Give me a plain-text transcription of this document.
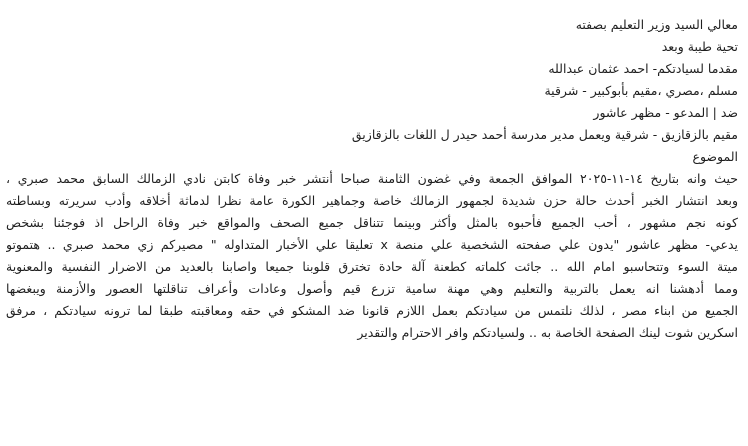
معالي السيد وزير التعليم بصفته
تحية طيبة وبعد
مقدما لسيادتكم- احمد عثمان عبدالله
مسلم ،مصري ،مقيم بأبوكبير - شرقية
ضد | المدعو - مظهر عاشور
مقيم بالزقازيق - شرقية ويعمل مدير مدرسة أحمد حيدر ل اللغات بالزقازيق
الموضوع
حيث وانه بتاريخ ١٤-١١-٢٠٢٥ الموافق الجمعة وفي غضون الثامنة صباحا أنتشر خبر وفاة كابتن نادي الزمالك السابق محمد صبري ،
وبعد انتشار الخبر أحدث حالة حزن شديدة لجمهور الزمالك خاصة وجماهير الكورة عامة نظرا لدماثة أخلاقه وأدب سريرته وبساطته
كونه نجم مشهور ، أحب الجميع فأحبوه بالمثل وأكثر وبينما تتناقل جميع الصحف والمواقع خبر وفاة الراحل اذ فوجئنا بشخص
يدعي- مظهر عاشور "يدون علي صفحته الشخصية علي منصة x تعليقا علي الأخبار المتداوله " مصيركم زي محمد صبري .. هتموتو
ميتة السوء وتتحاسبو امام الله .. جائت كلماته كطعنة آلة حادة تخترق قلوبنا جميعا واصابنا بالعديد من الاضرار النفسية والمعنوية
ومما أدهشنا انه يعمل بالتربية والتعليم وهي مهنة سامية تزرع قيم وأصول وعادات وأعراف تناقلتها العصور والأزمنة ويبغضها
الجميع من ابناء مصر ، لذلك نلتمس من سيادتكم بعمل اللازم قانونا ضد المشكو في حقه ومعاقبته طبقا لما ترونه سيادتكم ، مرفق
اسكرين شوت لينك الصفحة الخاصة به .. ولسيادتكم وافر الاحترام والتقدير
